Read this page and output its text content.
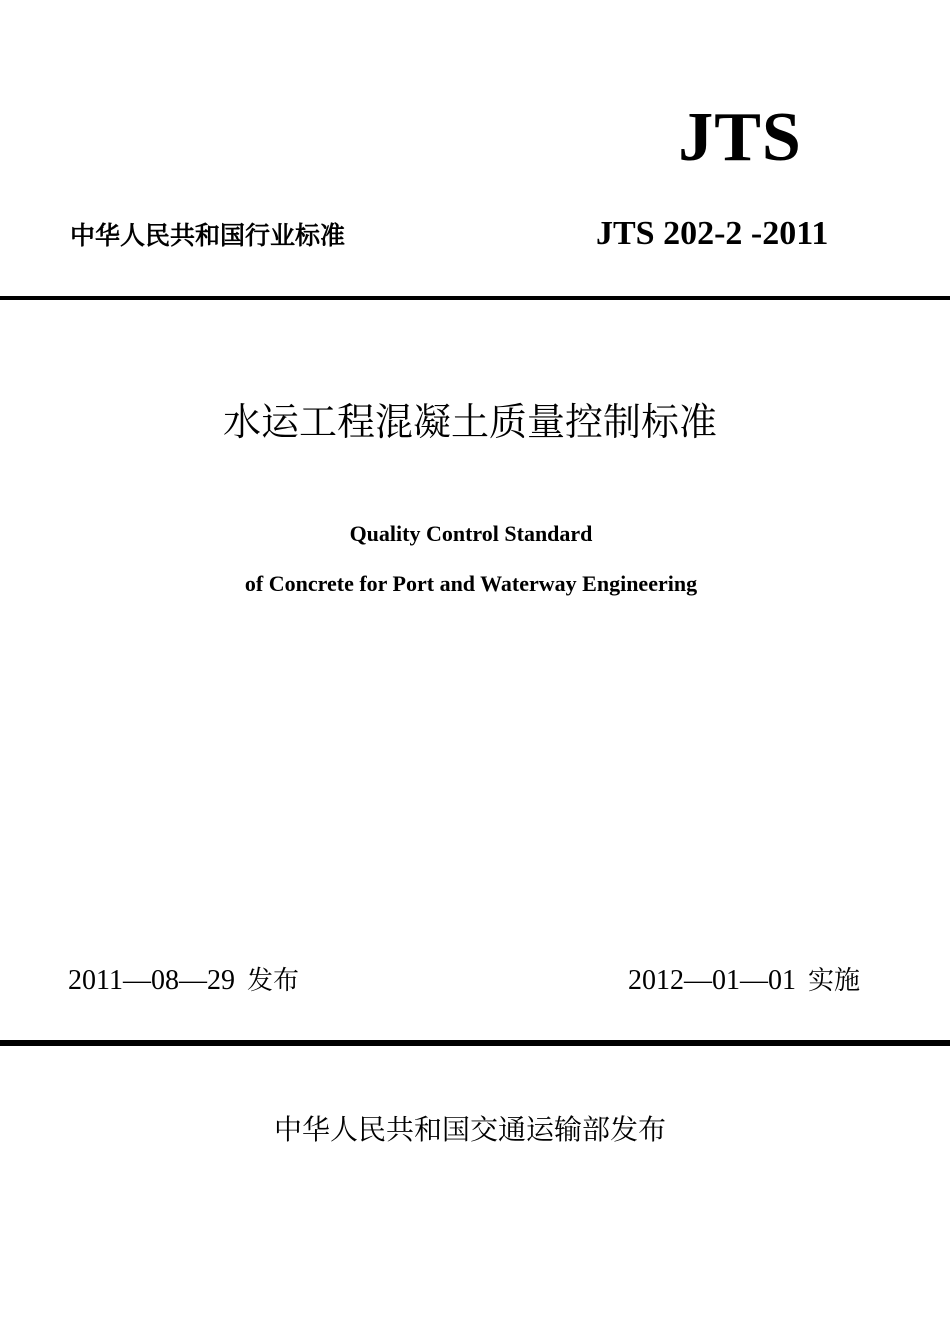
JTS
中华人民共和国行业标准	JTS 202-2 -2011
水运工程混凝土质量控制标准
Quality Control Standard
of Concrete for Port and Waterway Engineering
2011—08—29 发布	2012—01—01 实施
中华人民共和国交通运输部发布
